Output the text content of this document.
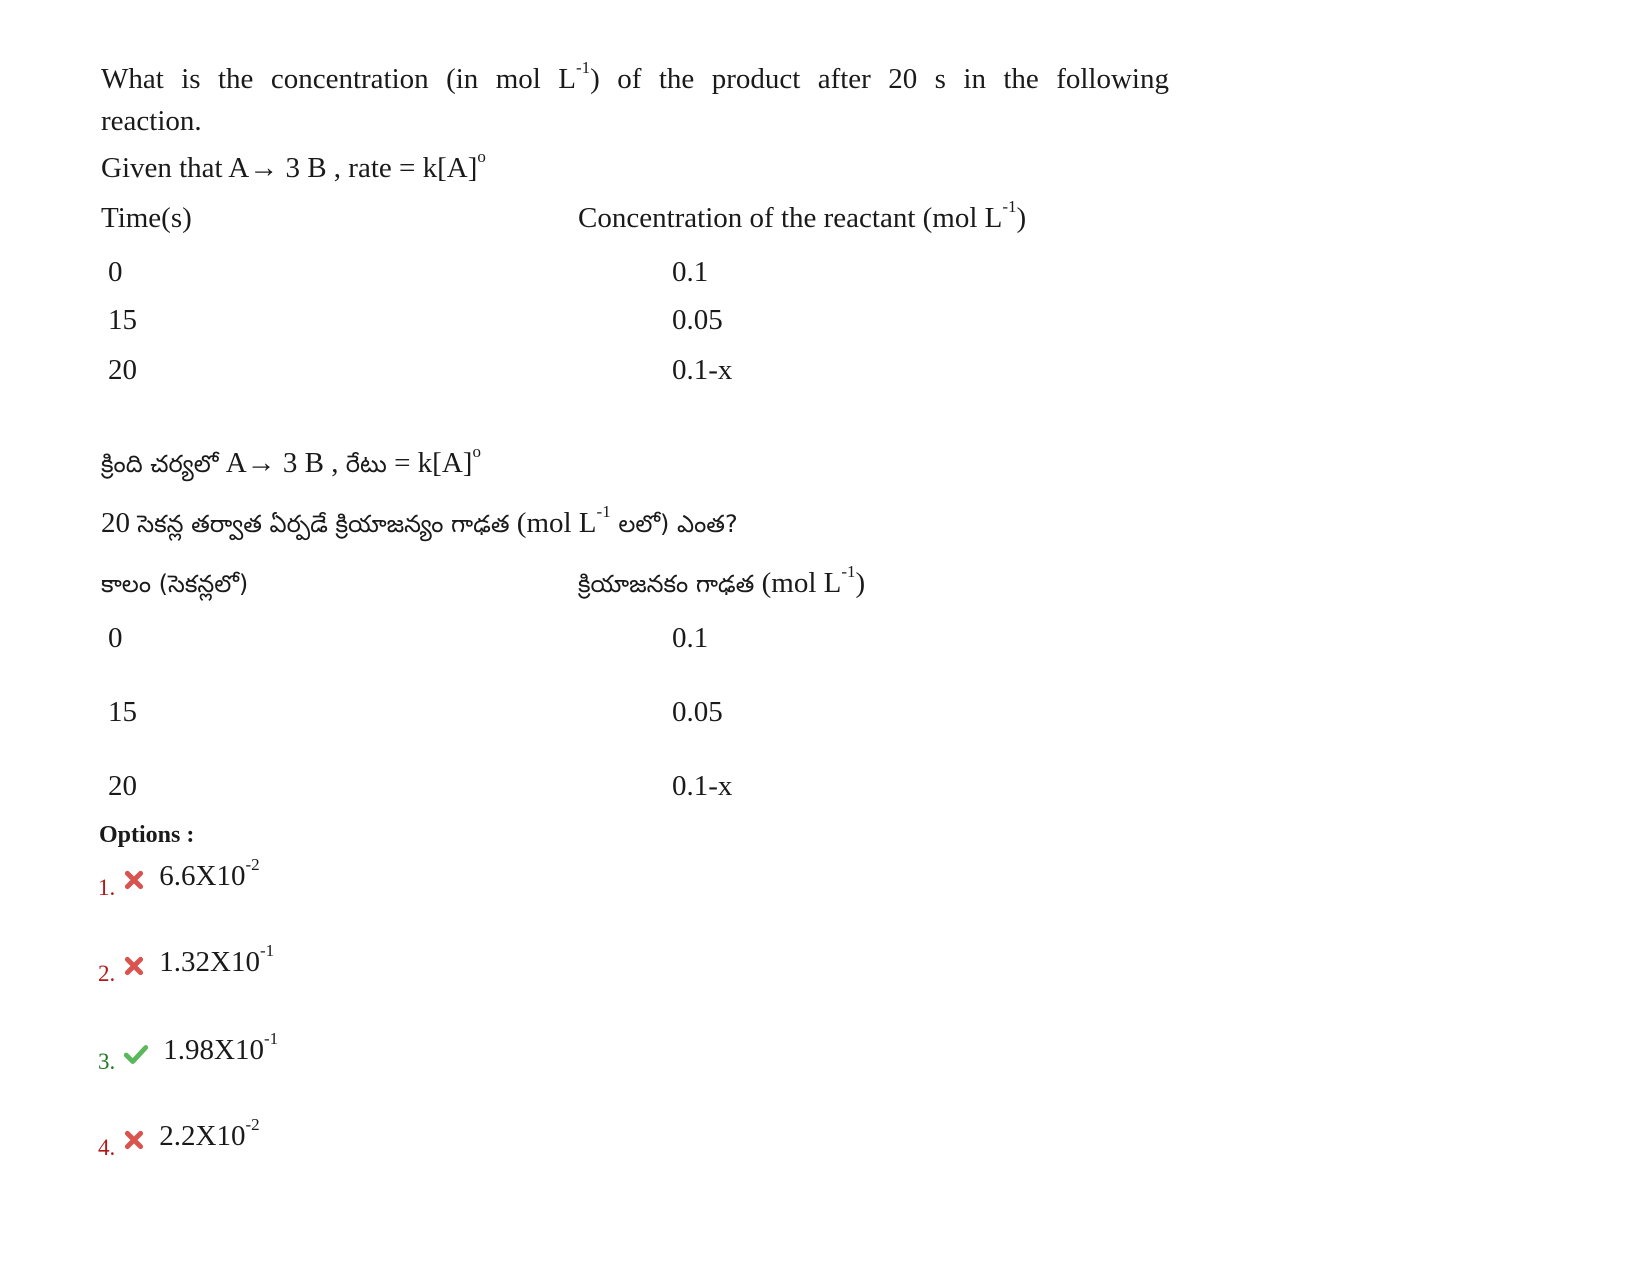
What is the concentration (in mol $L^{-1}$) of the product after 20 s in the following
reaction.
Given that A→ 3 B , rate = $k[A]^o$
Time(s)	Concentration of the reactant (mol $L^{-1}$)
0	0.1
15	0.05
20	0.1-x
క్రింది చర్యలో A→ 3 B , రేటు = $k[A]^o$
20 సెకన్ల తర్వాత ఏర్పడే క్రియాజన్యం గాఢత (mol $L^{-1}$ లలో) ఎంత?
కాలం (సెకన్లలో)	క్రియాజనకం గాఢత (mol $L^{-1}$)
0	0.1
15	0.05
20	0.1-x
Options :
1. $6.6X10^{-2}$
2. $1.32X10^{-1}$
3. $1.98X10^{-1}$
4. $2.2X10^{-2}$
